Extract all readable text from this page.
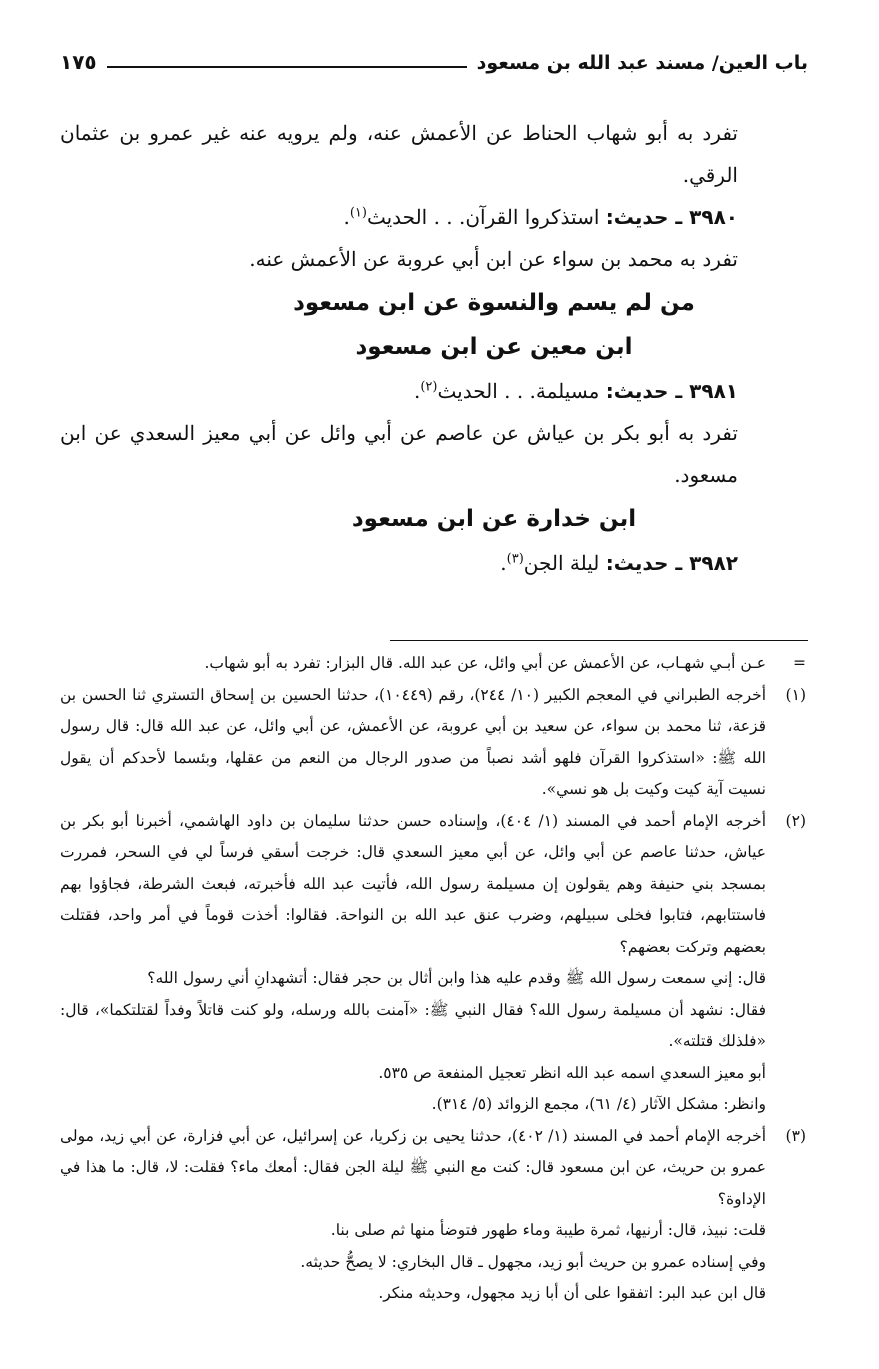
باب العين/ مسند عبد الله بن مسعود
١٧٥

تفرد به أبو شهاب الحناط عن الأعمش عنه، ولم يرويه عنه غير عمرو بن عثمان الرقي.

٣٩٨٠ ـ حديث: استذكروا القرآن. . . الحديث$^{(١)}$.

تفرد به محمد بن سواء عن ابن أبي عروبة عن الأعمش عنه.

من لم يسم والنسوة عن ابن مسعود

ابن معين عن ابن مسعود

٣٩٨١ ـ حديث: مسيلمة. . . الحديث$^{(٢)}$.

تفرد به أبو بكر بن عياش عن عاصم عن أبي وائل عن أبي معيز السعدي عن ابن مسعود.

ابن خدارة عن ابن مسعود

٣٩٨٢ ـ حديث: ليلة الجن$^{(٣)}$.

=

عـن أبـي شهـاب، عن الأعمش عن أبي وائل، عن عبد الله. قال البزار: تفرد به أبو شهاب.

(١)

أخرجه الطبراني في المعجم الكبير (١٠/ ٢٤٤)، رقم (١٠٤٤٩)، حدثنا الحسين بن إسحاق التستري ثنا الحسن بن قزعة، ثنا محمد بن سواء، عن سعيد بن أبي عروبة، عن الأعمش، عن أبي وائل، عن عبد الله قال: قال رسول الله ﷺ: «استذكروا القرآن فلهو أشد نصباً من صدور الرجال من النعم من عقلها، وبئسما لأحدكم أن يقول نسيت آية كيت وكيت بل هو نسي».

(٢)

أخرجه الإمام أحمد في المسند (١/ ٤٠٤)، وإسناده حسن حدثنا سليمان بن داود الهاشمي، أخبرنا أبو بكر بن عياش، حدثنا عاصم عن أبي وائل، عن أبي معيز السعدي قال: خرجت أسقي فرساً لي في السحر، فمررت بمسجد بني حنيفة وهم يقولون إن مسيلمة رسول الله، فأتيت عبد الله فأخبرته، فبعث الشرطة، فجاؤوا بهم فاستتابهم، فتابوا فخلى سبيلهم، وضرب عنق عبد الله بن النواحة. فقالوا: أخذت قوماً في أمر واحد، فقتلت بعضهم وتركت بعضهم؟

قال: إني سمعت رسول الله ﷺ وقدم عليه هذا وابن أثال بن حجر فقال: أتشهدانِ أني رسول الله؟

فقال: نشهد أن مسيلمة رسول الله؟ فقال النبي ﷺ: «آمنت بالله ورسله، ولو كنت قاتلاً وفداً لقتلتكما»، قال: «فلذلك قتلته».

أبو معيز السعدي اسمه عبد الله انظر تعجيل المنفعة ص ٥٣٥.

وانظر: مشكل الآثار (٤/ ٦١)، مجمع الزوائد (٥/ ٣١٤).

(٣)

أخرجه الإمام أحمد في المسند (١/ ٤٠٢)، حدثنا يحيى بن زكريا، عن إسرائيل، عن أبي فزارة، عن أبي زيد، مولى عمرو بن حريث، عن ابن مسعود قال: كنت مع النبي ﷺ ليلة الجن فقال: أمعك ماء؟ فقلت: لا، قال: ما هذا في الإداوة؟

قلت: نبيذ، قال: أرنيها، ثمرة طيبة وماء طهور فتوضأ منها ثم صلى بنا.

وفي إسناده عمرو بن حريث أبو زيد، مجهول ـ قال البخاري: لا يصحُّ حديثه.

قال ابن عبد البر: اتفقوا على أن أبا زيد مجهول، وحديثه منكر.
